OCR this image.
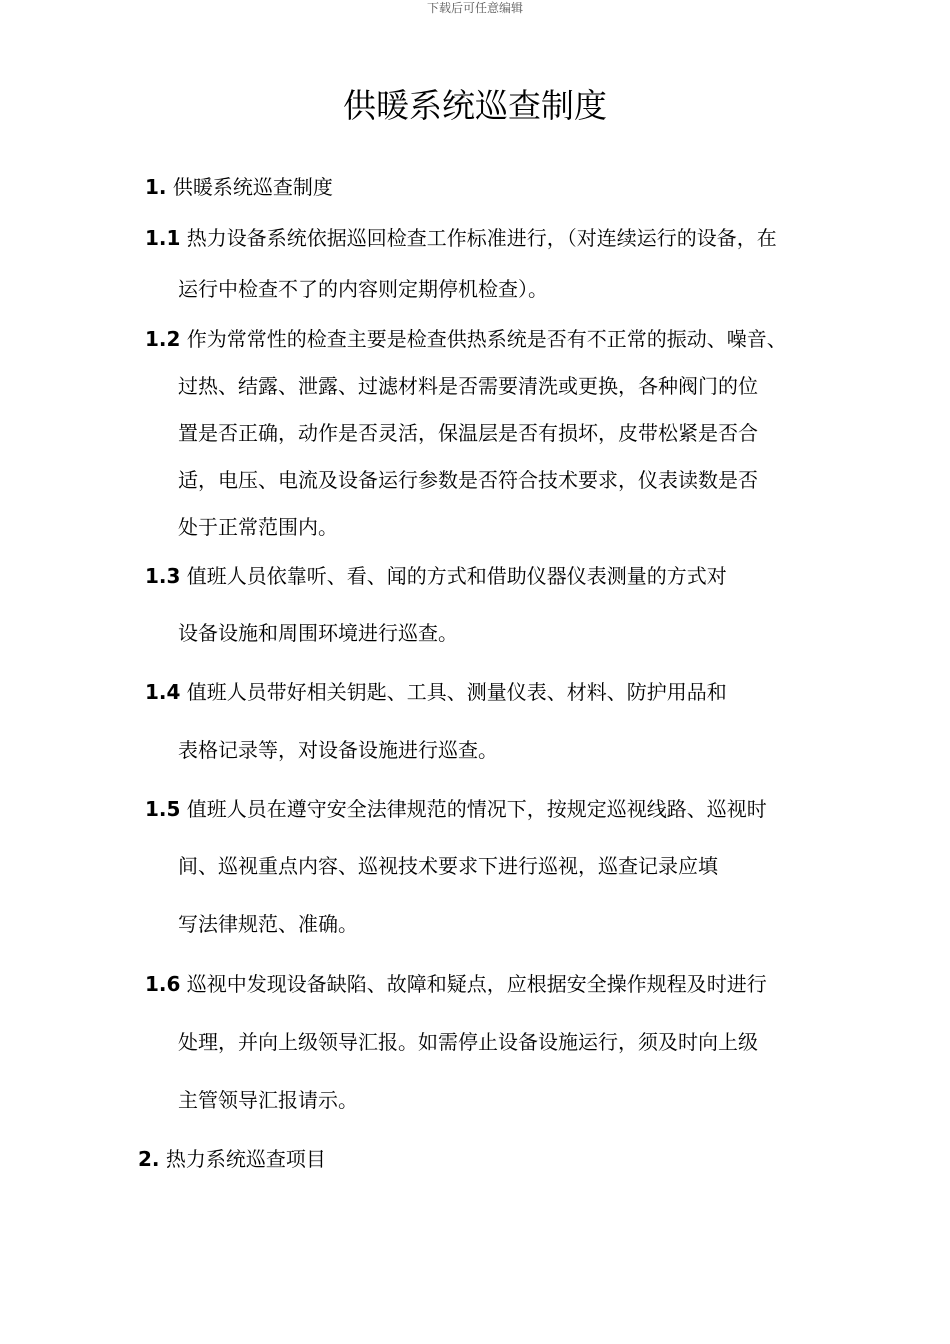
下载后可任意编辑
供暖系统巡查制度
1. 供暖系统巡查制度
1.1 热力设备系统依据巡回检查工作标准进行，（对连续运行的设备，在
运行中检查不了的内容则定期停机检查）。
1.2 作为常常性的检查主要是检查供热系统是否有不正常的振动、噪音、
过热、结露、泄露、过滤材料是否需要清洗或更换，各种阀门的位
置是否正确，动作是否灵活，保温层是否有损坏，皮带松紧是否合
适，电压、电流及设备运行参数是否符合技术要求，仪表读数是否
处于正常范围内。
1.3 值班人员依靠听、看、闻的方式和借助仪器仪表测量的方式对
设备设施和周围环境进行巡查。
1.4 值班人员带好相关钥匙、工具、测量仪表、材料、防护用品和
表格记录等，对设备设施进行巡查。
1.5 值班人员在遵守安全法律规范的情况下，按规定巡视线路、巡视时
间、巡视重点内容、巡视技术要求下进行巡视，巡查记录应填
写法律规范、准确。
1.6 巡视中发现设备缺陷、故障和疑点，应根据安全操作规程及时进行
处理，并向上级领导汇报。如需停止设备设施运行，须及时向上级
主管领导汇报请示。
2. 热力系统巡查项目
